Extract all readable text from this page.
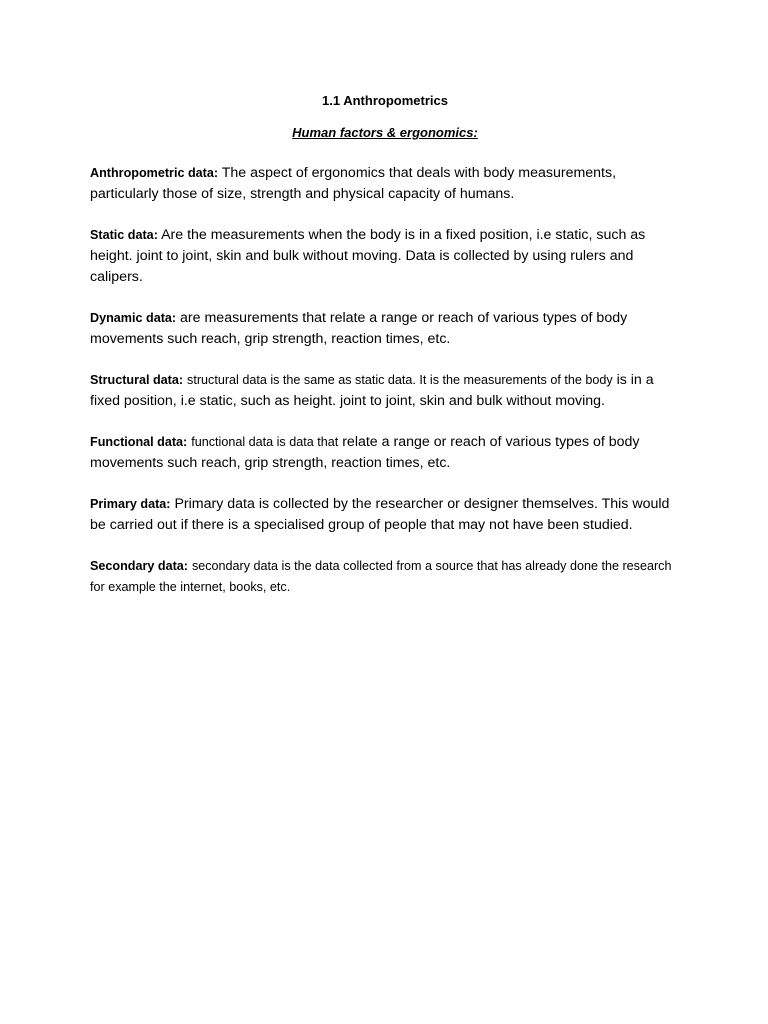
1.1 Anthropometrics
Human factors & ergonomics:

Anthropometric data: The aspect of ergonomics that deals with body measurements, particularly those of size, strength and physical capacity of humans.

Static data: Are the measurements when the body is in a fixed position, i.e static, such as height. joint to joint, skin and bulk without moving. Data is collected by using rulers and calipers.

Dynamic data: are measurements that relate a range or reach of various types of body movements such reach, grip strength, reaction times, etc.

Structural data: structural data is the same as static data. It is the measurements of the body is in a fixed position, i.e static, such as height. joint to joint, skin and bulk without moving.

Functional data: functional data is data that relate a range or reach of various types of body movements such reach, grip strength, reaction times, etc.

Primary data: Primary data is collected by the researcher or designer themselves. This would be carried out if there is a specialised group of people that may not have been studied.

Secondary data: secondary data is the data collected from a source that has already done the research for example the internet, books, etc.
